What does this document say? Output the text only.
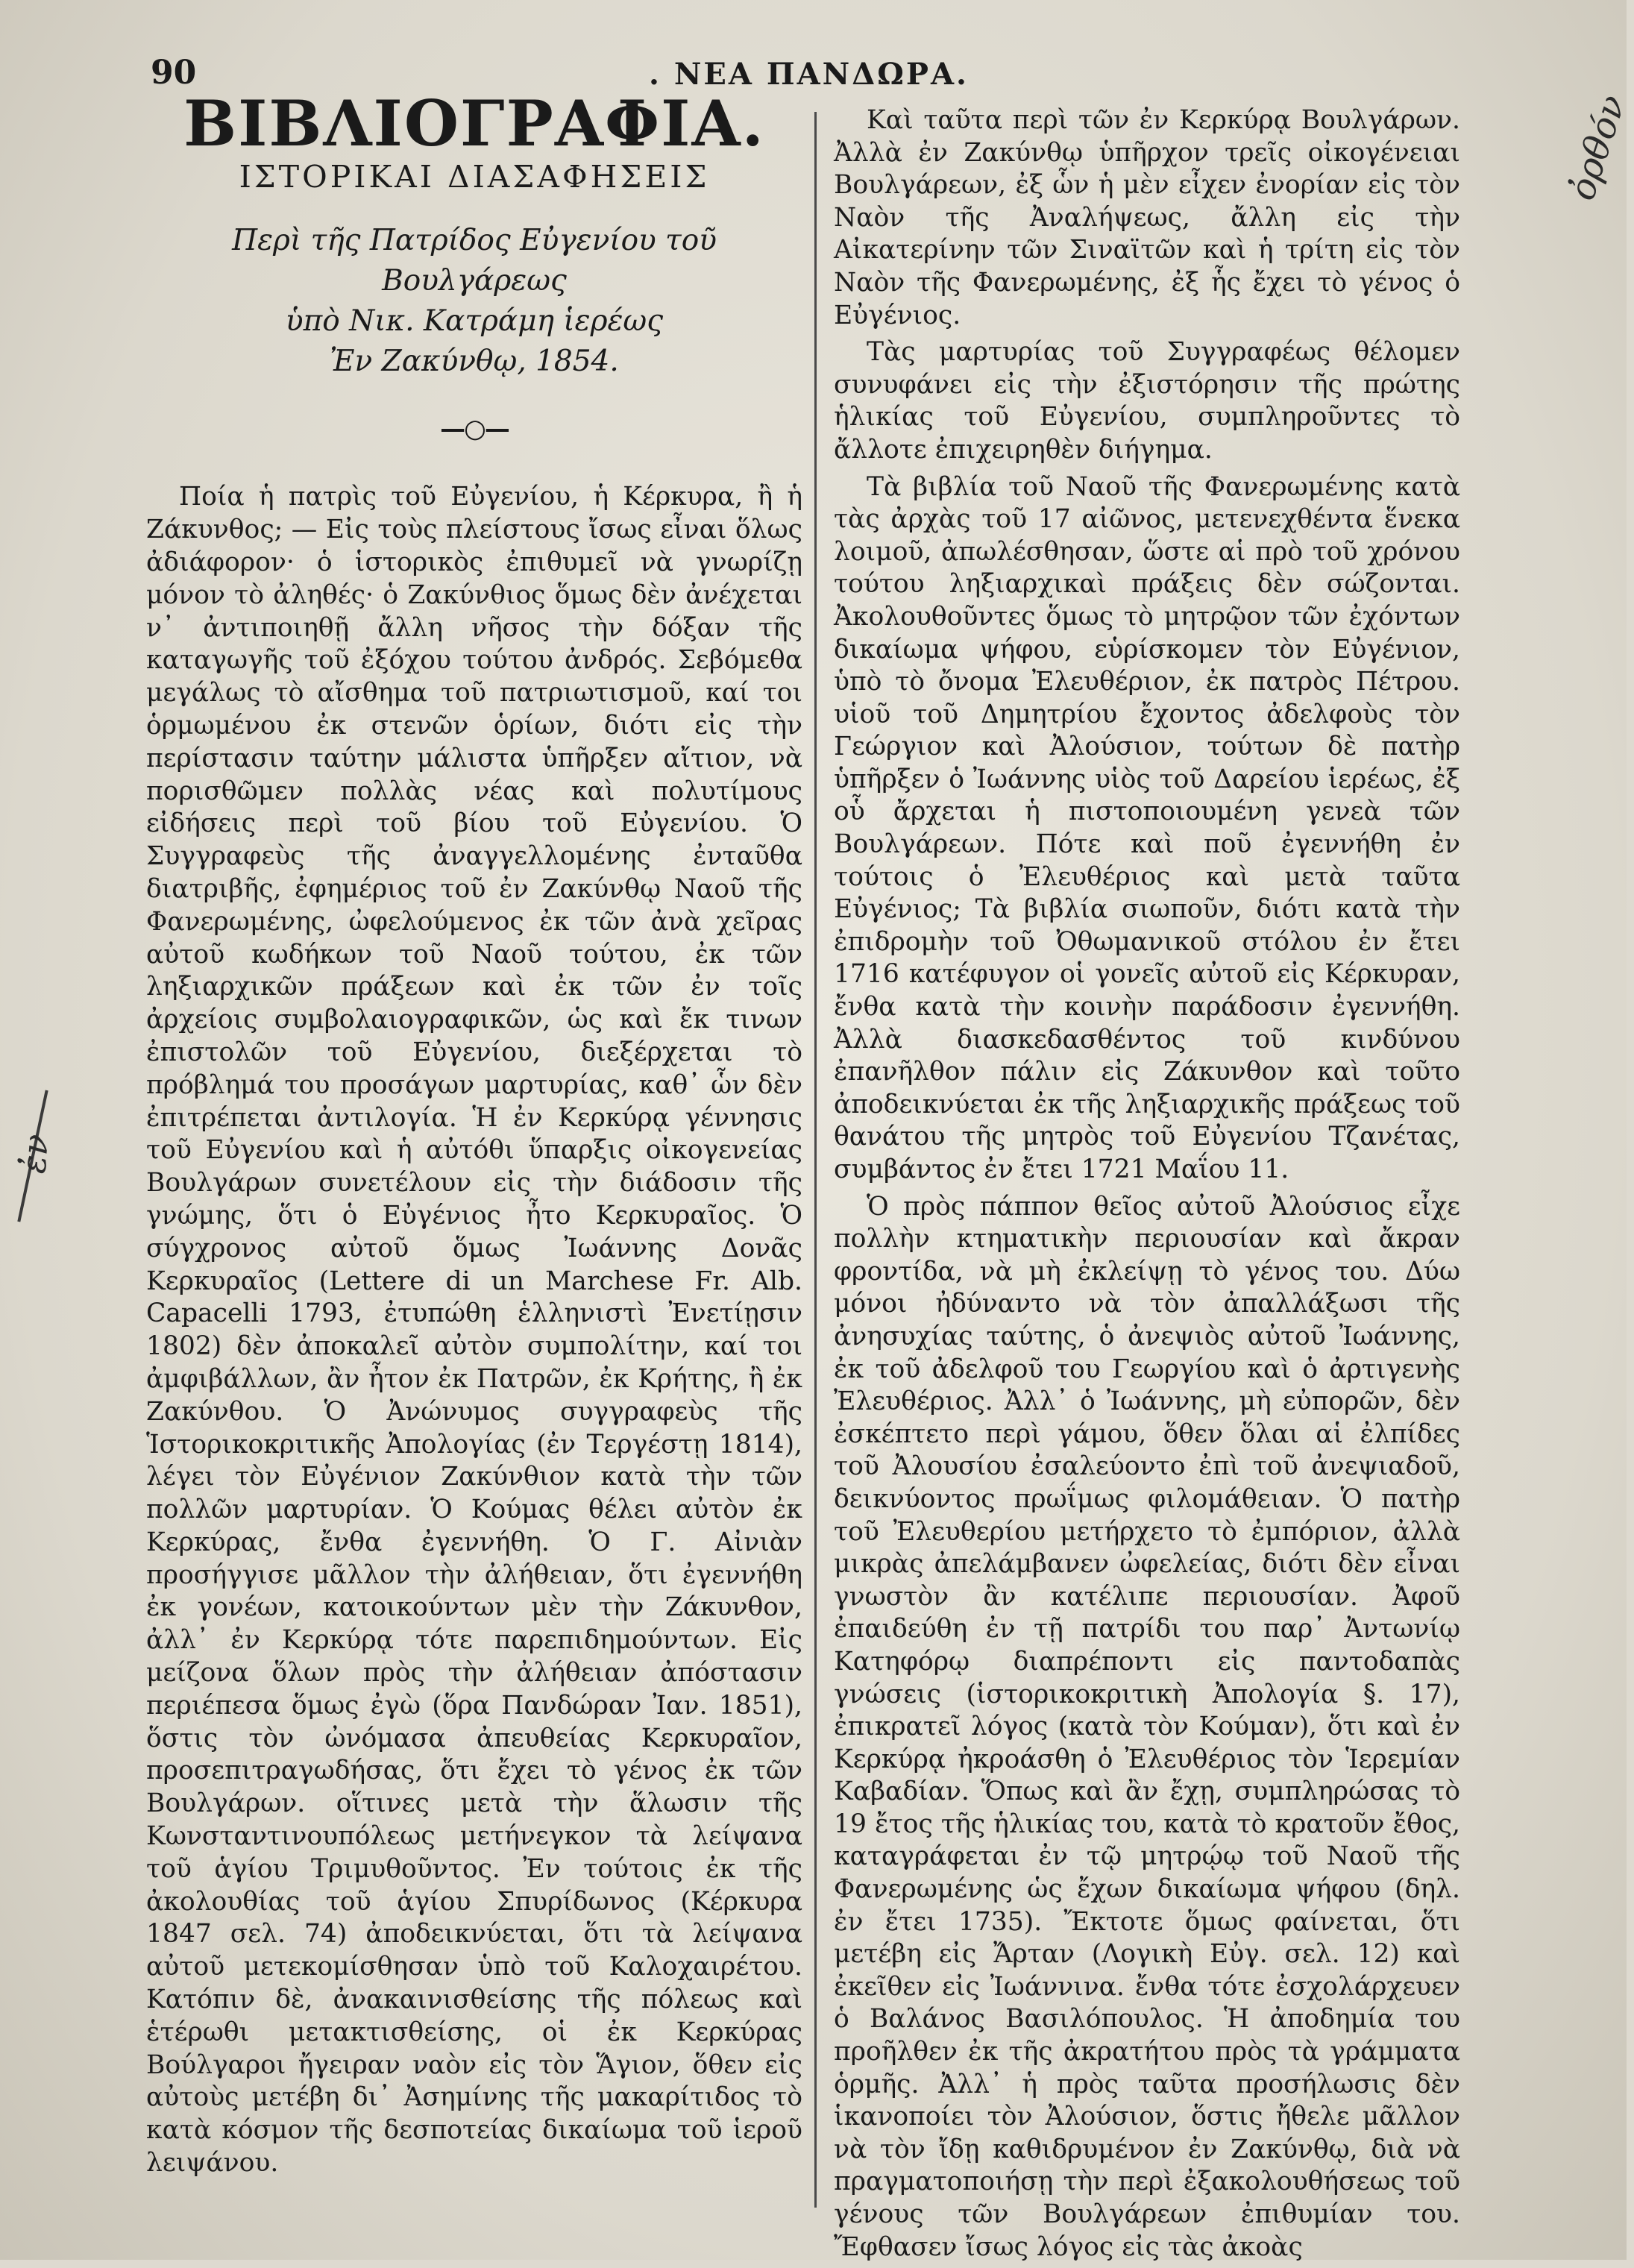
90	. ΝΕΑ ΠΑΝΔΩΡΑ.
ΒΙΒΛΙΟΓΡΑΦΙΑ.
ΙΣΤΟΡΙΚΑΙ ΔΙΑΣΑΦΗΣΕΙΣ
Περὶ τῆς Πατρίδος Εὐγενίου τοῦ Βουλγάρεως
ὑπὸ Νικ. Κατράμη ἱερέως
Ἐν Ζακύνθῳ, 1854.
—○—

Ποία ἡ πατρὶς τοῦ Εὐγενίου, ἡ Κέρκυρα, ἢ ἡ Ζάκυνθος; — Εἰς τοὺς πλείστους ἴσως εἶναι ὅλως ἀδιάφορον· ὁ ἱστορικὸς ἐπιθυμεῖ νὰ γνωρίζῃ μόνον τὸ ἀληθές· ὁ Ζακύνθιος ὅμως δὲν ἀνέχεται ν᾽ ἀντιποιηθῇ ἄλλη νῆσος τὴν δόξαν τῆς καταγωγῆς τοῦ ἐξόχου τούτου ἀνδρός. Σεβόμεθα μεγάλως τὸ αἴσθημα τοῦ πατριωτισμοῦ, καί τοι ὁρμωμένου ἐκ στενῶν ὁρίων, διότι εἰς τὴν περίστασιν ταύτην μάλιστα ὑπῆρξεν αἴτιον, νὰ πορισθῶμεν πολλὰς νέας καὶ πολυτίμους εἰδήσεις περὶ τοῦ βίου τοῦ Εὐγενίου. Ὁ Συγγραφεὺς τῆς ἀναγγελλομένης ἐνταῦθα διατριβῆς, ἐφημέριος τοῦ ἐν Ζακύνθῳ Ναοῦ τῆς Φανερωμένης, ὠφελούμενος ἐκ τῶν ἀνὰ χεῖρας αὐτοῦ κωδήκων τοῦ Ναοῦ τούτου, ἐκ τῶν ληξιαρχικῶν πράξεων καὶ ἐκ τῶν ἐν τοῖς ἀρχείοις συμβολαιογραφικῶν, ὡς καὶ ἔκ τινων ἐπιστολῶν τοῦ Εὐγενίου, διεξέρχεται τὸ πρόβλημά του προσάγων μαρτυρίας, καθ᾽ ὧν δὲν ἐπιτρέπεται ἀντιλογία. Ἡ ἐν Κερκύρᾳ γέννησις τοῦ Εὐγενίου καὶ ἡ αὐτόθι ὕπαρξις οἰκογενείας Βουλγάρων συνετέλουν εἰς τὴν διάδοσιν τῆς γνώμης, ὅτι ὁ Εὐγένιος ἦτο Κερκυραῖος. Ὁ σύγχρονος αὐτοῦ ὅμως Ἰωάννης Δονᾶς Κερκυραῖος (Lettere di un Marchese Fr. Alb. Capacelli 1793, ἐτυπώθη ἑλληνιστὶ Ἐνετίῃσιν 1802) δὲν ἀποκαλεῖ αὐτὸν συμπολίτην, καί τοι ἀμφιβάλλων, ἂν ἦτον ἐκ Πατρῶν, ἐκ Κρήτης, ἢ ἐκ Ζακύνθου. Ὁ Ἀνώνυμος συγγραφεὺς τῆς Ἱστορικοκριτικῆς Ἀπολογίας (ἐν Τεργέστῃ 1814), λέγει τὸν Εὐγένιον Ζακύνθιον κατὰ τὴν τῶν πολλῶν μαρτυρίαν. Ὁ Κούμας θέλει αὐτὸν ἐκ Κερκύρας, ἔνθα ἐγεννήθη. Ὁ Γ. Αἰνιὰν προσήγγισε μᾶλλον τὴν ἀλήθειαν, ὅτι ἐγεννήθη ἐκ γονέων, κατοικούντων μὲν τὴν Ζάκυνθον, ἀλλ᾽ ἐν Κερκύρᾳ τότε παρεπιδημούντων. Εἰς μείζονα ὅλων πρὸς τὴν ἀλήθειαν ἀπόστασιν περιέπεσα ὅμως ἐγὼ (ὅρα Πανδώραν Ἰαν. 1851), ὅστις τὸν ὠνόμασα ἀπευθείας Κερκυραῖον, προσεπιτραγωδήσας, ὅτι ἔχει τὸ γένος ἐκ τῶν Βουλγάρων. οἵτινες μετὰ τὴν ἅλωσιν τῆς Κωνσταντινουπόλεως μετήνεγκον τὰ λείψανα τοῦ ἁγίου Τριμυθοῦντος. Ἐν τούτοις ἐκ τῆς ἀκολουθίας τοῦ ἁγίου Σπυρίδωνος (Κέρκυρα 1847 σελ. 74) ἀποδεικνύεται, ὅτι τὰ λείψανα αὐτοῦ μετεκομίσθησαν ὑπὸ τοῦ Καλοχαιρέτου. Κατόπιν δὲ, ἀνακαινισθείσης τῆς πόλεως καὶ ἑτέρωθι μετακτισθείσης, οἱ ἐκ Κερκύρας Βούλγαροι ἤγειραν ναὸν εἰς τὸν Ἅγιον, ὅθεν εἰς αὐτοὺς μετέβη δι᾽ Ἀσημίνης τῆς μακαρίτιδος τὸ κατὰ κόσμον τῆς δεσποτείας δικαίωμα τοῦ ἱεροῦ λειψάνου.

Καὶ ταῦτα περὶ τῶν ἐν Κερκύρᾳ Βουλγάρων. Ἀλλὰ ἐν Ζακύνθῳ ὑπῆρχον τρεῖς οἰκογένειαι Βουλγάρεων, ἐξ ὧν ἡ μὲν εἶχεν ἐνορίαν εἰς τὸν Ναὸν τῆς Ἀναλήψεως, ἄλλη εἰς τὴν Αἰκατερίνην τῶν Σιναϊτῶν καὶ ἡ τρίτη εἰς τὸν Ναὸν τῆς Φανερωμένης, ἐξ ἧς ἔχει τὸ γένος ὁ Εὐγένιος.

Τὰς μαρτυρίας τοῦ Συγγραφέως θέλομεν συνυφάνει εἰς τὴν ἐξιστόρησιν τῆς πρώτης ἡλικίας τοῦ Εὐγενίου, συμπληροῦντες τὸ ἄλλοτε ἐπιχειρηθὲν διήγημα.

Τὰ βιβλία τοῦ Ναοῦ τῆς Φανερωμένης κατὰ τὰς ἀρχὰς τοῦ 17 αἰῶνος, μετενεχθέντα ἕνεκα λοιμοῦ, ἀπωλέσθησαν, ὥστε αἱ πρὸ τοῦ χρόνου τούτου ληξιαρχικαὶ πράξεις δὲν σώζονται. Ἀκολουθοῦντες ὅμως τὸ μητρῷον τῶν ἐχόντων δικαίωμα ψήφου, εὑρίσκομεν τὸν Εὐγένιον, ὑπὸ τὸ ὄνομα Ἐλευθέριον, ἐκ πατρὸς Πέτρου. υἱοῦ τοῦ Δημητρίου ἔχοντος ἀδελφοὺς τὸν Γεώργιον καὶ Ἀλούσιον, τούτων δὲ πατὴρ ὑπῆρξεν ὁ Ἰωάννης υἱὸς τοῦ Δαρείου ἱερέως, ἐξ οὗ ἄρχεται ἡ πιστοποιουμένη γενεὰ τῶν Βουλγάρεων. Πότε καὶ ποῦ ἐγεννήθη ἐν τούτοις ὁ Ἐλευθέριος καὶ μετὰ ταῦτα Εὐγένιος; Τὰ βιβλία σιωποῦν, διότι κατὰ τὴν ἐπιδρομὴν τοῦ Ὀθωμανικοῦ στόλου ἐν ἔτει 1716 κατέφυγον οἱ γονεῖς αὐτοῦ εἰς Κέρκυραν, ἔνθα κατὰ τὴν κοινὴν παράδοσιν ἐγεννήθη. Ἀλλὰ διασκεδασθέντος τοῦ κινδύνου ἐπανῆλθον πάλιν εἰς Ζάκυνθον καὶ τοῦτο ἀποδεικνύεται ἐκ τῆς ληξιαρχικῆς πράξεως τοῦ θανάτου τῆς μητρὸς τοῦ Εὐγενίου Τζανέτας, συμβάντος ἐν ἔτει 1721 Μαΐου 11.

Ὁ πρὸς πάππον θεῖος αὐτοῦ Ἀλούσιος εἶχε πολλὴν κτηματικὴν περιουσίαν καὶ ἄκραν φροντίδα, νὰ μὴ ἐκλείψῃ τὸ γένος του. Δύω μόνοι ἠδύναντο νὰ τὸν ἀπαλλάξωσι τῆς ἀνησυχίας ταύτης, ὁ ἀνεψιὸς αὐτοῦ Ἰωάννης, ἐκ τοῦ ἀδελφοῦ του Γεωργίου καὶ ὁ ἀρτιγενὴς Ἐλευθέριος. Ἀλλ᾽ ὁ Ἰωάννης, μὴ εὐπορῶν, δὲν ἐσκέπτετο περὶ γάμου, ὅθεν ὅλαι αἱ ἐλπίδες τοῦ Ἀλουσίου ἐσαλεύοντο ἐπὶ τοῦ ἀνεψιαδοῦ, δεικνύοντος πρωΐμως φιλομάθειαν. Ὁ πατὴρ τοῦ Ἐλευθερίου μετήρχετο τὸ ἐμπόριον, ἀλλὰ μικρὰς ἀπελάμβανεν ὠφελείας, διότι δὲν εἶναι γνωστὸν ἂν κατέλιπε περιουσίαν. Ἀφοῦ ἐπαιδεύθη ἐν τῇ πατρίδι του παρ᾽ Ἀντωνίῳ Κατηφόρῳ διαπρέποντι εἰς παντοδαπὰς γνώσεις (ἱστορικοκριτικὴ Ἀπολογία §. 17), ἐπικρατεῖ λόγος (κατὰ τὸν Κούμαν), ὅτι καὶ ἐν Κερκύρᾳ ἠκροάσθη ὁ Ἐλευθέριος τὸν Ἱερεμίαν Καβαδίαν. Ὅπως καὶ ἂν ἔχῃ, συμπληρώσας τὸ 19 ἔτος τῆς ἡλικίας του, κατὰ τὸ κρατοῦν ἔθος, καταγράφεται ἐν τῷ μητρῴῳ τοῦ Ναοῦ τῆς Φανερωμένης ὡς ἔχων δικαίωμα ψήφου (δηλ. ἐν ἔτει 1735). Ἔκτοτε ὅμως φαίνεται, ὅτι μετέβη εἰς Ἄρταν (Λογικὴ Εὐγ. σελ. 12) καὶ ἐκεῖθεν εἰς Ἰωάννινα. ἔνθα τότε ἐσχολάρχευεν ὁ Βαλάνος Βασιλόπουλος. Ἡ ἀποδημία του προῆλθεν ἐκ τῆς ἀκρατήτου πρὸς τὰ γράμματα ὁρμῆς. Ἀλλ᾽ ἡ πρὸς ταῦτα προσήλωσις δὲν ἱκανοποίει τὸν Ἀλούσιον, ὅστις ἤθελε μᾶλλον νὰ τὸν ἴδῃ καθιδρυμένον ἐν Ζακύνθῳ, διὰ νὰ πραγματοποιήσῃ τὴν περὶ ἐξακολουθήσεως τοῦ γένους τῶν Βουλγάρεων ἐπιθυμίαν του. Ἔφθασεν ἴσως λόγος εἰς τὰς ἀκοὰς

ὀρθόν
ἐν
